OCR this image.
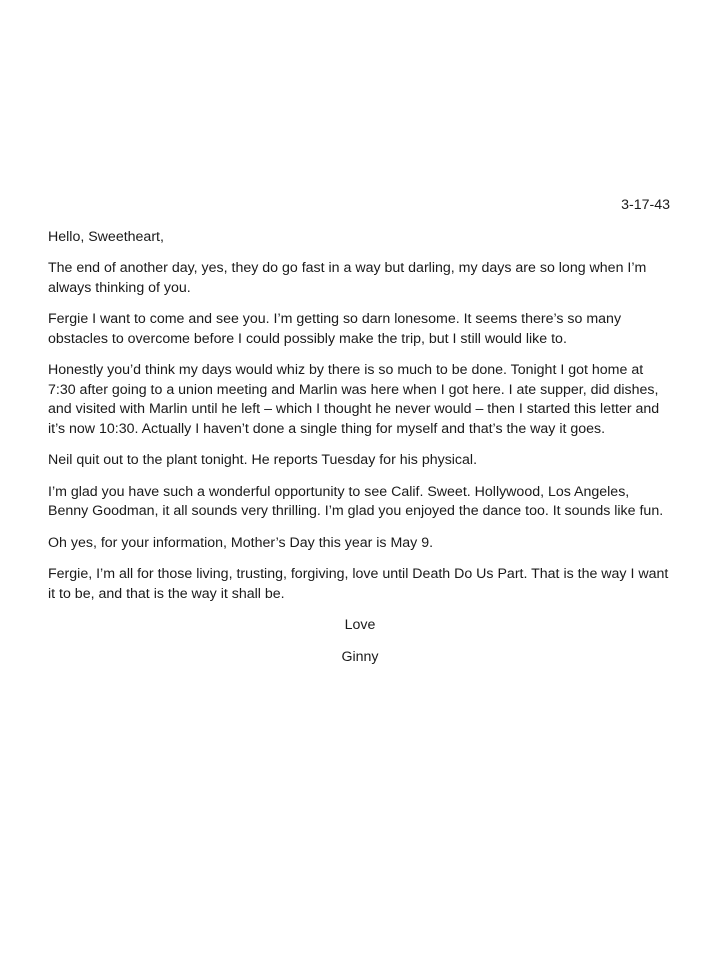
3-17-43

Hello, Sweetheart,

The end of another day, yes, they do go fast in a way but darling, my days are so long when I’m always thinking of you.

Fergie I want to come and see you. I’m getting so darn lonesome. It seems there’s so many obstacles to overcome before I could possibly make the trip, but I still would like to.

Honestly you’d think my days would whiz by there is so much to be done. Tonight I got home at 7:30 after going to a union meeting and Marlin was here when I got here. I ate supper, did dishes, and visited with Marlin until he left – which I thought he never would – then I started this letter and it’s now 10:30. Actually I haven’t done a single thing for myself and that’s the way it goes.

Neil quit out to the plant tonight. He reports Tuesday for his physical.

I’m glad you have such a wonderful opportunity to see Calif. Sweet. Hollywood, Los Angeles, Benny Goodman, it all sounds very thrilling. I’m glad you enjoyed the dance too. It sounds like fun.

Oh yes, for your information, Mother’s Day this year is May 9.

Fergie, I’m all for those living, trusting, forgiving, love until Death Do Us Part. That is the way I want it to be, and that is the way it shall be.

Love

Ginny
